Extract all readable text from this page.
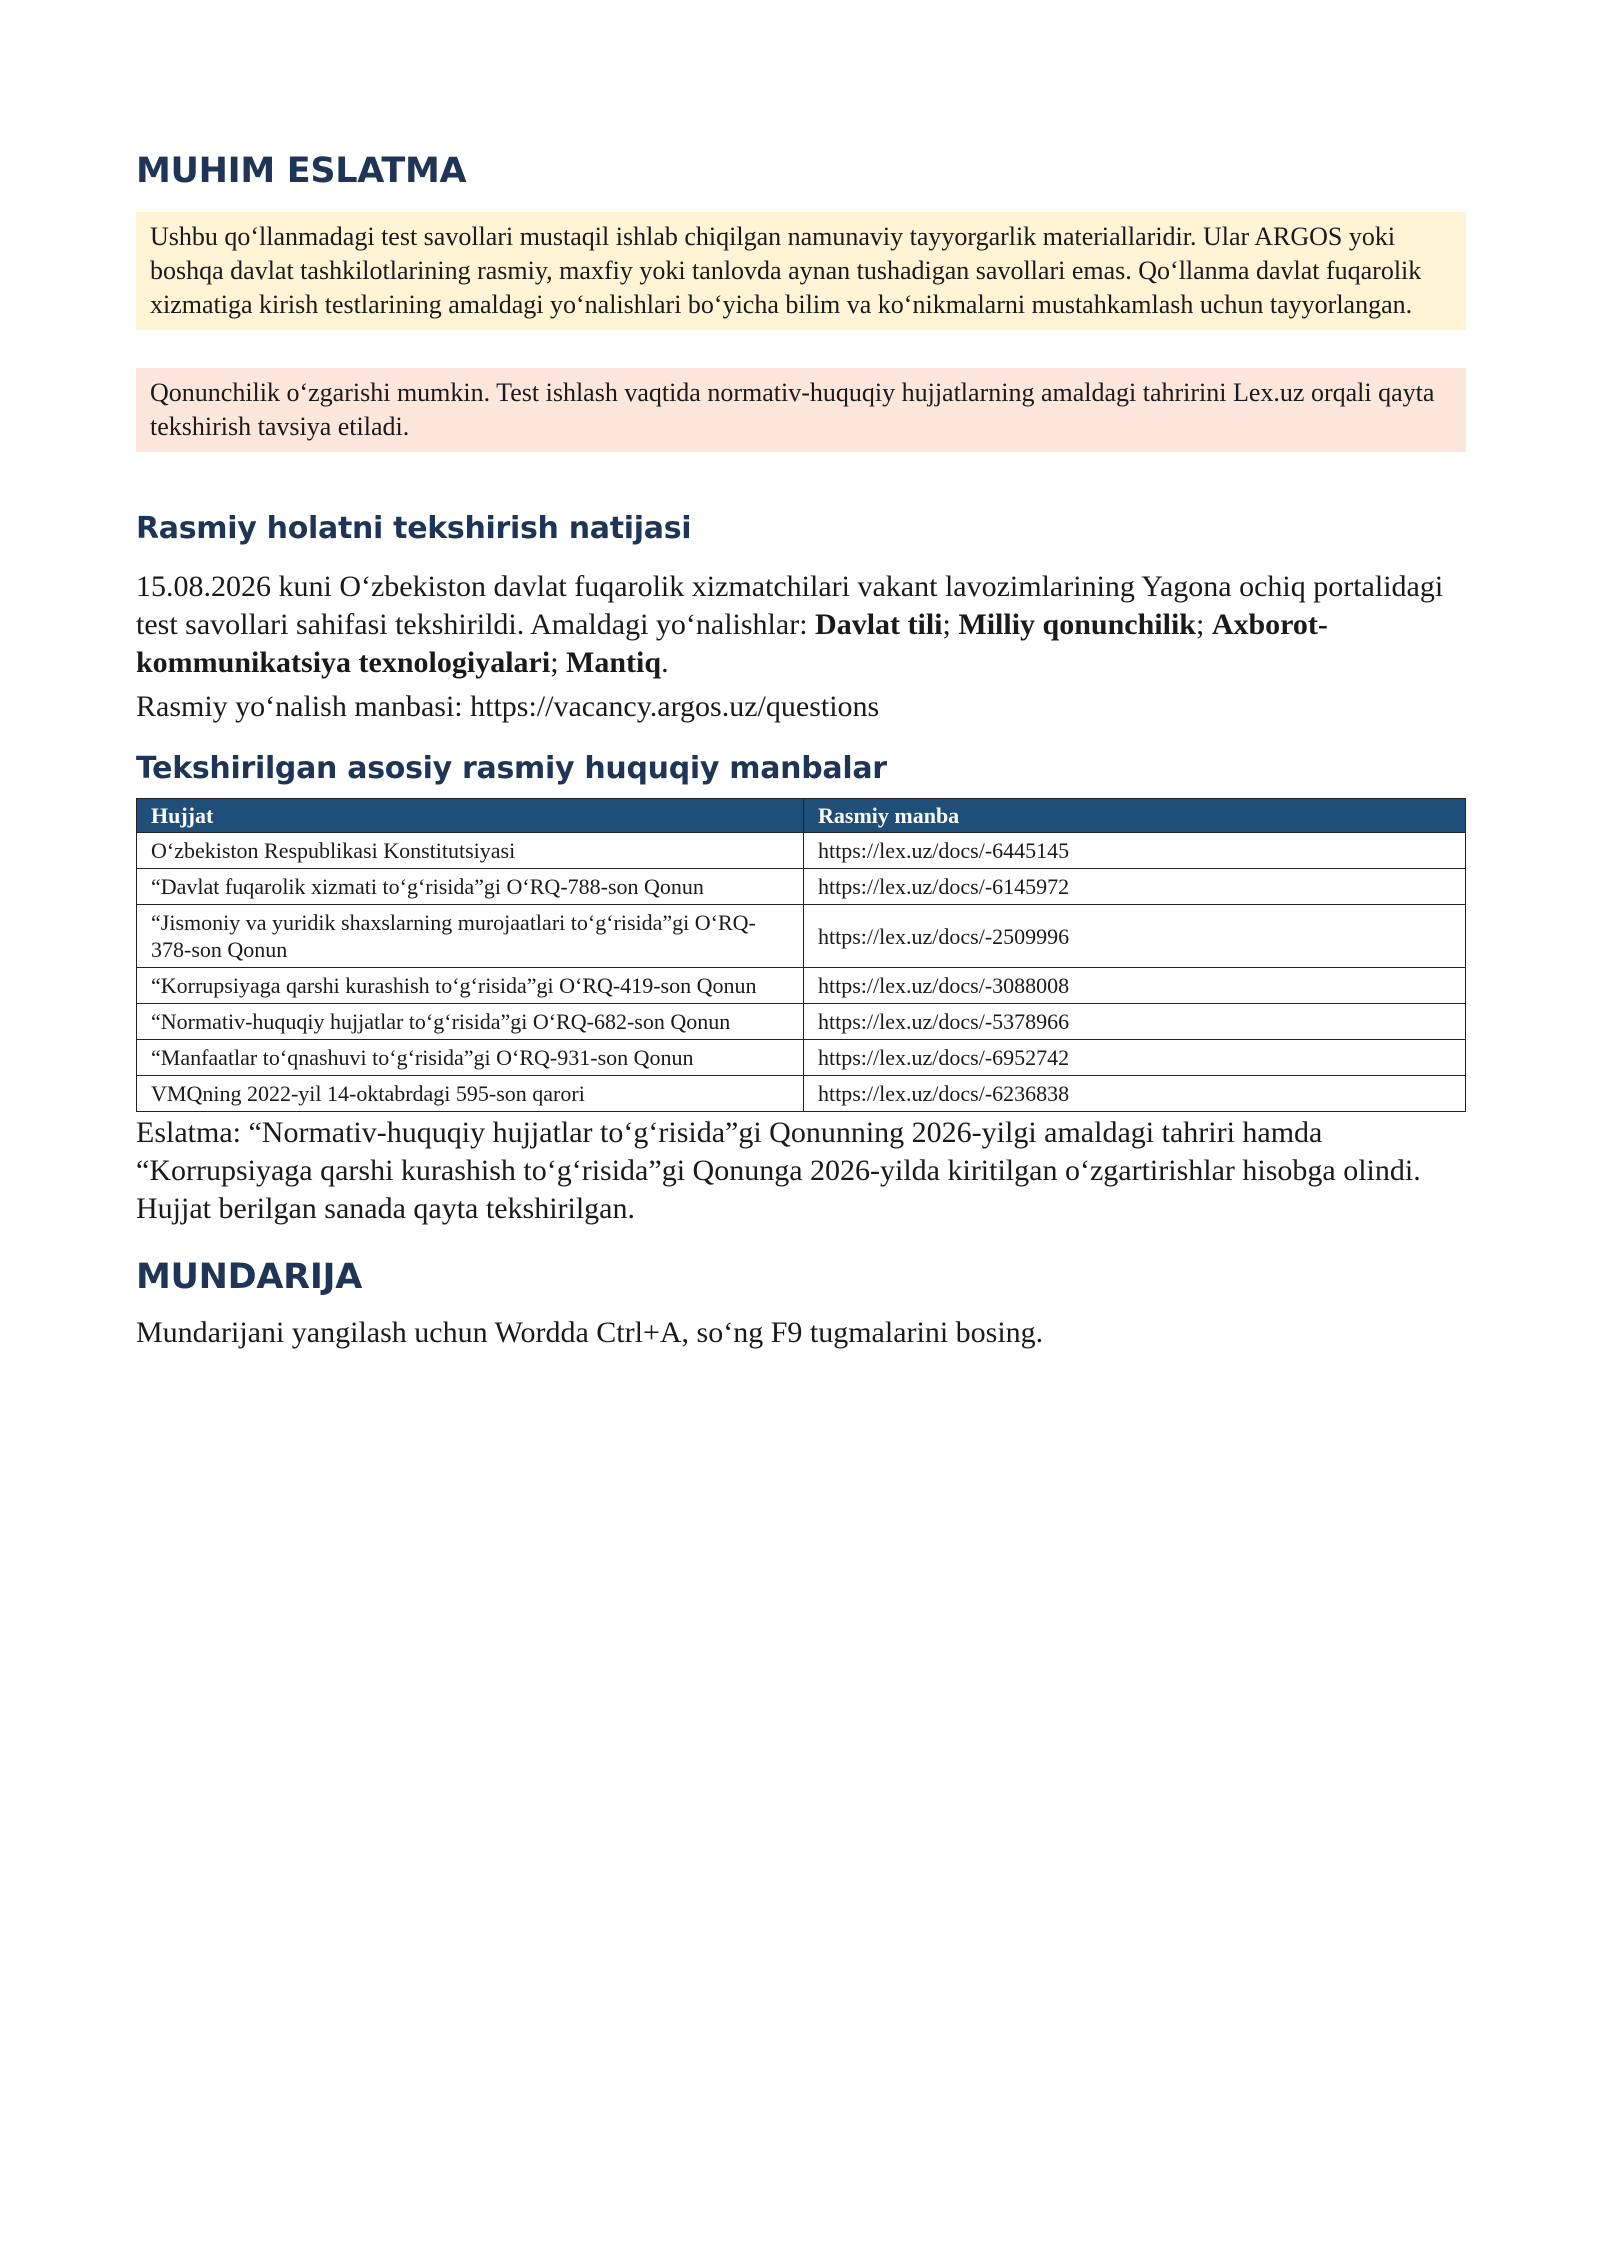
MUHIM ESLATMA
Ushbu qo‘llanmadagi test savollari mustaqil ishlab chiqilgan namunaviy tayyorgarlik materiallaridir. Ular ARGOS yoki boshqa davlat tashkilotlarining rasmiy, maxfiy yoki tanlovda aynan tushadigan savollari emas. Qo‘llanma davlat fuqarolik xizmatiga kirish testlarining amaldagi yo‘nalishlari bo‘yicha bilim va ko‘nikmalarni mustahkamlash uchun tayyorlangan.
Qonunchilik o‘zgarishi mumkin. Test ishlash vaqtida normativ-huquqiy hujjatlarning amaldagi tahririni Lex.uz orqali qayta tekshirish tavsiya etiladi.
Rasmiy holatni tekshirish natijasi

15.08.2026 kuni O‘zbekiston davlat fuqarolik xizmatchilari vakant lavozimlarining Yagona ochiq portalidagi test savollari sahifasi tekshirildi. Amaldagi yo‘nalishlar: Davlat tili; Milliy qonunchilik; Axborot-kommunikatsiya texnologiyalari; Mantiq.

Rasmiy yo‘nalish manbasi: https://vacancy.argos.uz/questions

Tekshirilgan asosiy rasmiy huquqiy manbalar
Hujjat	Rasmiy manba
O‘zbekiston Respublikasi Konstitutsiyasi	https://lex.uz/docs/-6445145
“Davlat fuqarolik xizmati to‘g‘risida”gi O‘RQ-788-son Qonun	https://lex.uz/docs/-6145972
“Jismoniy va yuridik shaxslarning murojaatlari to‘g‘risida”gi O‘RQ-378-son Qonun	https://lex.uz/docs/-2509996
“Korrupsiyaga qarshi kurashish to‘g‘risida”gi O‘RQ-419-son Qonun	https://lex.uz/docs/-3088008
“Normativ-huquqiy hujjatlar to‘g‘risida”gi O‘RQ-682-son Qonun	https://lex.uz/docs/-5378966
“Manfaatlar to‘qnashuvi to‘g‘risida”gi O‘RQ-931-son Qonun	https://lex.uz/docs/-6952742
VMQning 2022-yil 14-oktabrdagi 595-son qarori	https://lex.uz/docs/-6236838

Eslatma: “Normativ-huquqiy hujjatlar to‘g‘risida”gi Qonunning 2026-yilgi amaldagi tahriri hamda “Korrupsiyaga qarshi kurashish to‘g‘risida”gi Qonunga 2026-yilda kiritilgan o‘zgartirishlar hisobga olindi. Hujjat berilgan sanada qayta tekshirilgan.

MUNDARIJA

Mundarijani yangilash uchun Wordda Ctrl+A, so‘ng F9 tugmalarini bosing.
